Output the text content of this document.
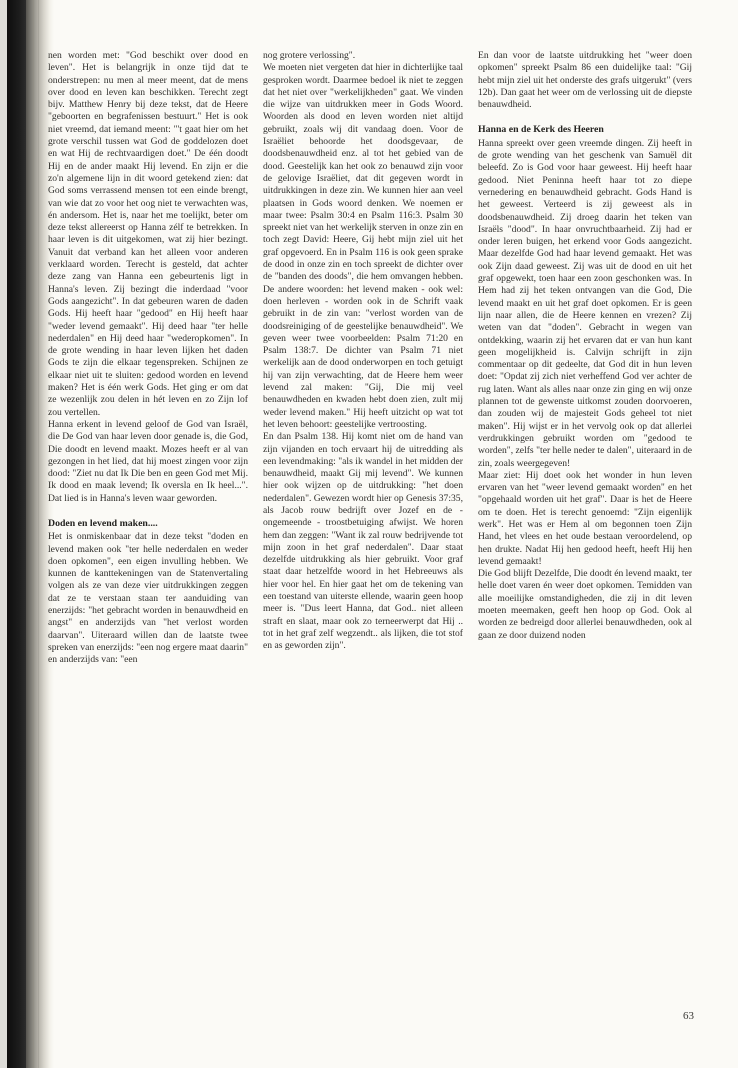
nen worden met: "God beschikt over dood en leven". Het is belangrijk in onze tijd dat te onderstrepen: nu men al meer meent, dat de mens over dood en leven kan beschikken. Terecht zegt bijv. Matthew Henry bij deze tekst, dat de Heere "geboorten en begrafenissen bestuurt." Het is ook niet vreemd, dat iemand meent: "'t gaat hier om het grote verschil tussen wat God de goddelozen doet en wat Hij de rechtvaardigen doet." De één doodt Hij en de ander maakt Hij levend. En zijn er die zo'n algemene lijn in dit woord getekend zien: dat God soms verrassend mensen tot een einde brengt, van wie dat zo voor het oog niet te verwachten was, én andersom. Het is, naar het me toelijkt, beter om deze tekst allereerst op Hanna zélf te betrekken. In haar leven is dit uitgekomen, wat zij hier bezingt. Vanuit dat verband kan het alleen voor anderen verklaard worden. Terecht is gesteld, dat achter deze zang van Hanna een gebeurtenis ligt in Hanna's leven. Zij bezingt die inderdaad "voor Gods aangezicht". In dat gebeuren waren de daden Gods. Hij heeft haar "gedood" en Hij heeft haar "weder levend gemaakt". Hij deed haar "ter helle nederdalen" en Hij deed haar "wederopkomen". In de grote wending in haar leven lijken het daden Gods te zijn die elkaar tegenspreken. Schijnen ze elkaar niet uit te sluiten: gedood worden en levend maken? Het is één werk Gods. Het ging er om dat ze wezenlijk zou delen in hét leven en zo Zijn lof zou vertellen.

Hanna erkent in levend geloof de God van Israël, die De God van haar leven door genade is, die God, Die doodt en levend maakt. Mozes heeft er al van gezongen in het lied, dat hij moest zingen voor zijn dood: "Ziet nu dat Ik Die ben en geen God met Mij. Ik dood en maak levend; Ik oversla en Ik heel...". Dat lied is in Hanna's leven waar geworden.

Doden en levend maken....

Het is onmiskenbaar dat in deze tekst "doden en levend maken ook "ter helle nederdalen en weder doen opkomen", een eigen invulling hebben. We kunnen de kanttekeningen van de Statenvertaling volgen als ze van deze vier uitdrukkingen zeggen dat ze te verstaan staan ter aanduiding van enerzijds: "het gebracht worden in benauwdheid en angst" en anderzijds van "het verlost worden daarvan". Uiteraard willen dan de laatste twee spreken van enerzijds: "een nog ergere maat daarin" en anderzijds van: "een

nog grotere verlossing".

We moeten niet vergeten dat hier in dichterlijke taal gesproken wordt. Daarmee bedoel ik niet te zeggen dat het niet over "werkelijkheden" gaat. We vinden die wijze van uitdrukken meer in Gods Woord. Woorden als dood en leven worden niet altijd gebruikt, zoals wij dit vandaag doen. Voor de Israëliet behoorde het doodsgevaar, de doodsbenauwdheid enz. al tot het gebied van de dood. Geestelijk kan het ook zo benauwd zijn voor de gelovige Israëliet, dat dit gegeven wordt in uitdrukkingen in deze zin. We kunnen hier aan veel plaatsen in Gods woord denken. We noemen er maar twee: Psalm 30:4 en Psalm 116:3. Psalm 30 spreekt niet van het werkelijk sterven in onze zin en toch zegt David: Heere, Gij hebt mijn ziel uit het graf opgevoerd. En in Psalm 116 is ook geen sprake de dood in onze zin en toch spreekt de dichter over de "banden des doods", die hem omvangen hebben. De andere woorden: het levend maken - ook wel: doen herleven - worden ook in de Schrift vaak gebruikt in de zin van: "verlost worden van de doodsreiniging of de geestelijke benauwdheid". We geven weer twee voorbeelden: Psalm 71:20 en Psalm 138:7. De dichter van Psalm 71 niet werkelijk aan de dood onderworpen en toch getuigt hij van zijn verwachting, dat de Heere hem weer levend zal maken: "Gij, Die mij veel benauwdheden en kwaden hebt doen zien, zult mij weder levend maken." Hij heeft uitzicht op wat tot het leven behoort: geestelijke vertroosting.

En dan Psalm 138. Hij komt niet om de hand van zijn vijanden en toch ervaart hij de uitredding als een levendmaking: "als ik wandel in het midden der benauwdheid, maakt Gij mij levend". We kunnen hier ook wijzen op de uitdrukking: "het doen nederdalen". Gewezen wordt hier op Genesis 37:35, als Jacob rouw bedrijft over Jozef en de - ongemeende - troostbetuiging afwijst. We horen hem dan zeggen: "Want ik zal rouw bedrijvende tot mijn zoon in het graf nederdalen". Daar staat dezelfde uitdrukking als hier gebruikt. Voor graf staat daar hetzelfde woord in het Hebreeuws als hier voor hel. En hier gaat het om de tekening van een toestand van uiterste ellende, waarin geen hoop meer is. "Dus leert Hanna, dat God.. niet alleen straft en slaat, maar ook zo terneerwerpt dat Hij .. tot in het graf zelf wegzendt.. als lijken, die tot stof en as geworden zijn".

En dan voor de laatste uitdrukking het "weer doen opkomen" spreekt Psalm 86 een duidelijke taal: "Gij hebt mijn ziel uit het onderste des grafs uitgerukt" (vers 12b). Dan gaat het weer om de verlossing uit de diepste benauwdheid.

Hanna en de Kerk des Heeren

Hanna spreekt over geen vreemde dingen. Zij heeft in de grote wending van het geschenk van Samuël dit beleefd. Zo is God voor haar geweest. Hij heeft haar gedood. Niet Peninna heeft haar tot zo diepe vernedering en benauwdheid gebracht. Gods Hand is het geweest. Verteerd is zij geweest als in doodsbenauwdheid. Zij droeg daarin het teken van Israëls "dood". In haar onvruchtbaarheid. Zij had er onder leren buigen, het erkend voor Gods aangezicht. Maar dezelfde God had haar levend gemaakt. Het was ook Zijn daad geweest. Zij was uit de dood en uit het graf opgewekt, toen haar een zoon geschonken was. In Hem had zij het teken ontvangen van die God, Die levend maakt en uit het graf doet opkomen. Er is geen lijn naar allen, die de Heere kennen en vrezen? Zij weten van dat "doden". Gebracht in wegen van ontdekking, waarin zij het ervaren dat er van hun kant geen mogelijkheid is. Calvijn schrijft in zijn commentaar op dit gedeelte, dat God dit in hun leven doet: "Opdat zij zich niet verheffend God ver achter de rug laten. Want als alles naar onze zin ging en wij onze plannen tot de gewenste uitkomst zouden doorvoeren, dan zouden wij de majesteit Gods geheel tot niet maken". Hij wijst er in het vervolg ook op dat allerlei verdrukkingen gebruikt worden om "gedood te worden", zelfs "ter helle neder te dalen", uiteraard in de zin, zoals weergegeven!

Maar ziet: Hij doet ook het wonder in hun leven ervaren van het "weer levend gemaakt worden" en het "opgehaald worden uit het graf". Daar is het de Heere om te doen. Het is terecht genoemd: "Zijn eigenlijk werk". Het was er Hem al om begonnen toen Zijn Hand, het vlees en het oude bestaan veroordelend, op hen drukte. Nadat Hij hen gedood heeft, heeft Hij hen levend gemaakt!

Die God blijft Dezelfde, Die doodt én levend maakt, ter helle doet varen én weer doet opkomen. Temidden van alle moeilijke omstandigheden, die zij in dit leven moeten meemaken, geeft hen hoop op God. Ook al worden ze bedreigd door allerlei benauwdheden, ook al gaan ze door duizend noden

63
